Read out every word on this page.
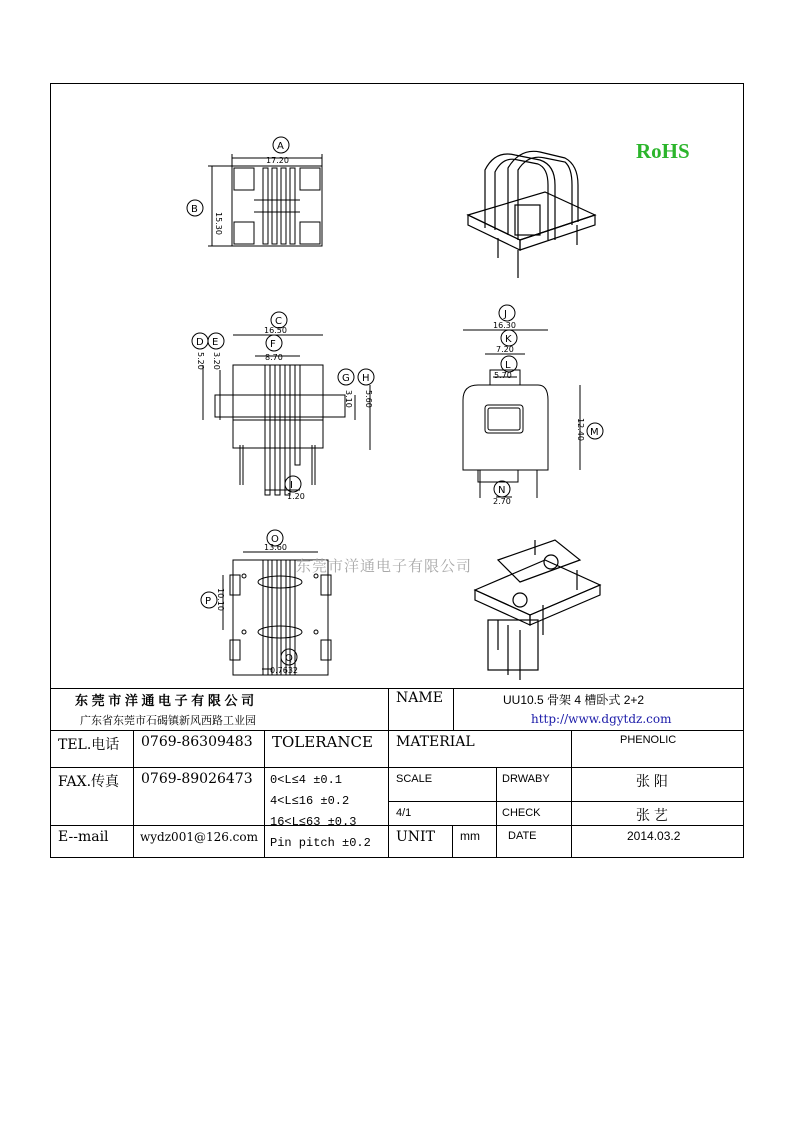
RoHS
A
B
17.20
15.30
C
D E	F
G H
I
16.50
8.70
5.20 3.20
3.10 5.60
1.20
J
K
L
M
N
16.30
7.20
5.70
12.40
2.70
O
P
Q
13.60
10.10
0.7632
东莞市洋通电子有限公司
东 莞 市 洋 通 电 子 有 限 公 司
广东省东莞市石碣镇新风西路工业园
NAME	UU10.5 骨架 4 槽卧式 2+2
http://www.dgytdz.com
TEL.电话 0769-86309483 TOLERANCE MATERIAL	PHENOLIC
FAX.传真 0769-89026473 0<L≤4 ±0.1
4<L≤16 ±0.2
16<L≤63 ±0.3
Pin pitch ±0.2
SCALE	DRWABY	张 阳
4/1	CHECK	张 艺
E--mail	wydz001@126.com	UNIT mm	DATE	2014.03.2
